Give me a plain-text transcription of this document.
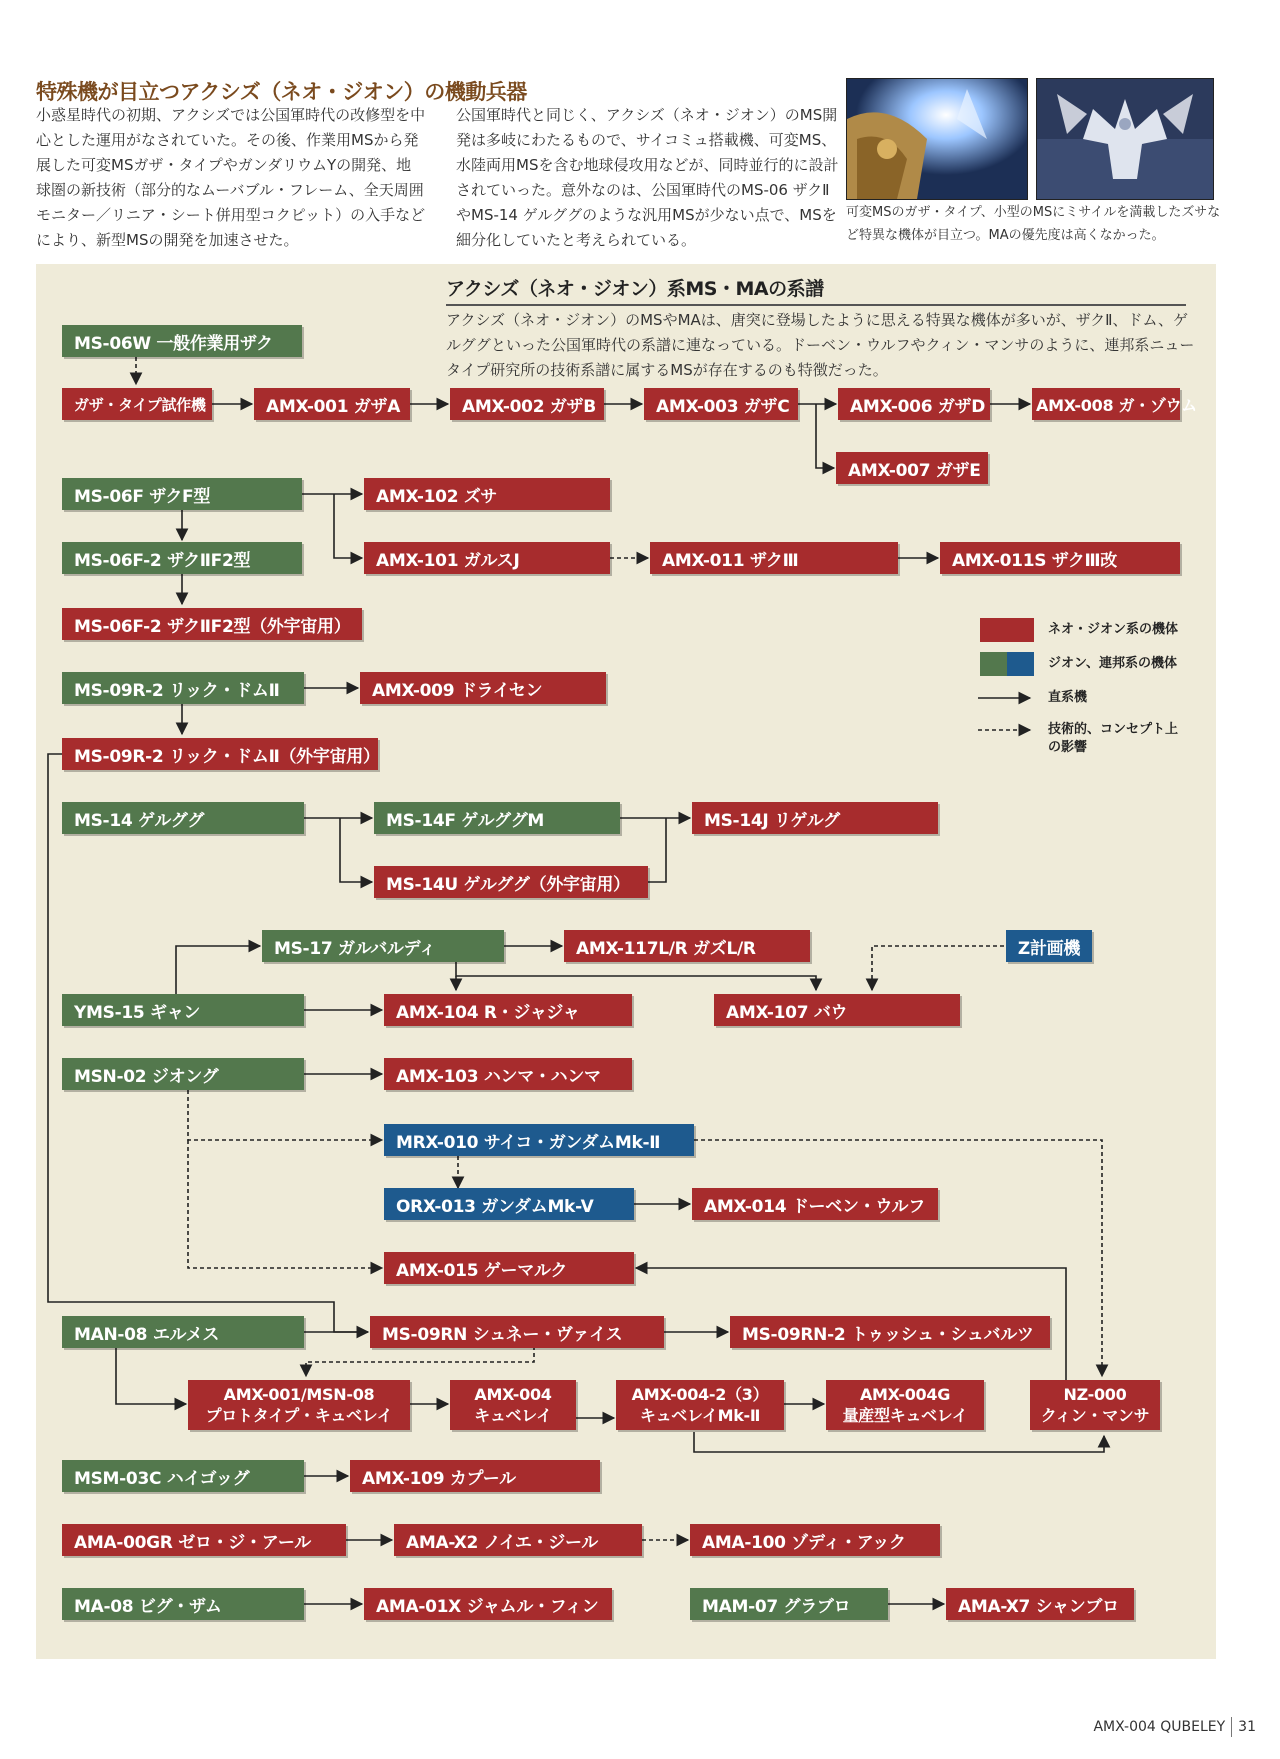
特殊機が目立つアクシズ（ネオ・ジオン）の機動兵器
小惑星時代の初期、アクシズでは公国軍時代の改修型を中心とした運用がなされていた。その後、作業用MSから発展した可変MSガザ・タイプやガンダリウムYの開発、地球圏の新技術（部分的なムーバブル・フレーム、全天周囲モニター／リニア・シート併用型コクピット）の入手などにより、新型MSの開発を加速させた。
公国軍時代と同じく、アクシズ（ネオ・ジオン）のMS開発は多岐にわたるもので、サイコミュ搭載機、可変MS、水陸両用MSを含む地球侵攻用などが、同時並行的に設計されていった。意外なのは、公国軍時代のMS-06 ザクⅡやMS-14 ゲルググのような汎用MSが少ない点で、MSを細分化していたと考えられている。
可変MSのガザ・タイプ、小型のMSにミサイルを満載したズサなど特異な機体が目立つ。MAの優先度は高くなかった。
アクシズ（ネオ・ジオン）系MS・MAの系譜
アクシズ（ネオ・ジオン）のMSやMAは、唐突に登場したように思える特異な機体が多いが、ザクⅡ、ドム、ゲルググといった公国軍時代の系譜に連なっている。ドーベン・ウルフやクィン・マンサのように、連邦系ニュータイプ研究所の技術系譜に属するMSが存在するのも特徴だった。
MS-06W 一般作業用ザク
ガザ・タイプ試作機	AMX-001 ガザA	AMX-002 ガザB	AMX-003 ガザC	AMX-006 ガザD	AMX-008 ガ・ゾウム
AMX-007 ガザE
MS-06F ザクF型	AMX-102 ズサ
MS-06F-2 ザクⅡF2型	AMX-101 ガルスJ	AMX-011 ザクⅢ	AMX-011S ザクⅢ改
MS-06F-2 ザクⅡF2型（外宇宙用）
MS-09R-2 リック・ドムⅡ	AMX-009 ドライセン
MS-09R-2 リック・ドムⅡ（外宇宙用）
MS-14 ゲルググ	MS-14F ゲルググM	MS-14J リゲルグ
MS-14U ゲルググ（外宇宙用）
MS-17 ガルバルディ	AMX-117L/R ガズL/R	Z計画機
YMS-15 ギャン	AMX-104 R・ジャジャ	AMX-107 バウ
MSN-02 ジオング	AMX-103 ハンマ・ハンマ
MRX-010 サイコ・ガンダムMk-Ⅱ
ORX-013 ガンダムMk-V	AMX-014 ドーベン・ウルフ
AMX-015 ゲーマルク
MAN-08 エルメス	MS-09RN シュネー・ヴァイス	MS-09RN-2 トゥッシュ・シュバルツ
AMX-001/MSN-08
プロトタイプ・キュベレイ
AMX-004
キュベレイ
AMX-004-2（3）
キュベレイMk-Ⅱ
AMX-004G
量産型キュベレイ
NZ-000
クィン・マンサ
MSM-03C ハイゴッグ	AMX-109 カプール
AMA-00GR ゼロ・ジ・アール	AMA-X2 ノイエ・ジール	AMA-100 ゾディ・アック
MA-08 ビグ・ザム	AMA-01X ジャムル・フィン	MAM-07 グラブロ	AMA-X7 シャンブロ
ネオ・ジオン系の機体
ジオン、連邦系の機体
直系機
技術的、コンセプト上の影響
AMX-004 QUBELEY 31
